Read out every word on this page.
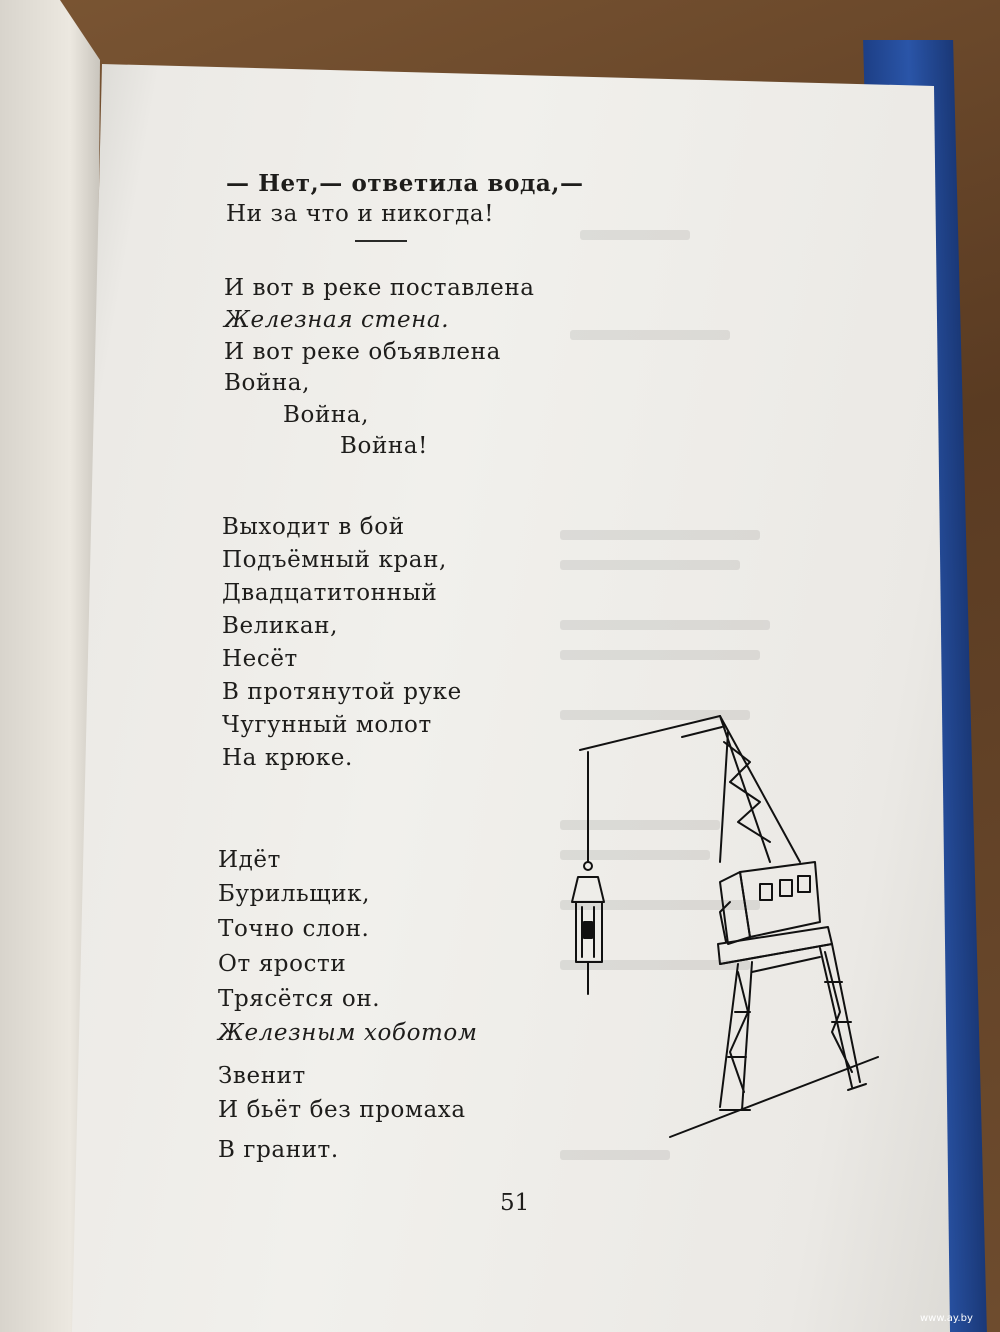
— Нет,— ответила вода,—
Ни за что и никогда!
И вот в реке поставлена
Железная стена.
И вот реке объявлена
Война,
Война,
Война!
Выходит в бой
Подъёмный кран,
Двадцатитонный
Великан,
Несёт
В протянутой руке
Чугунный молот
На крюке.
Идёт
Бурильщик,
Точно слон.
От ярости
Трясётся он.
Железным хоботом
Звенит
И бьёт без промаха
В гранит.
51
www.ay.by
